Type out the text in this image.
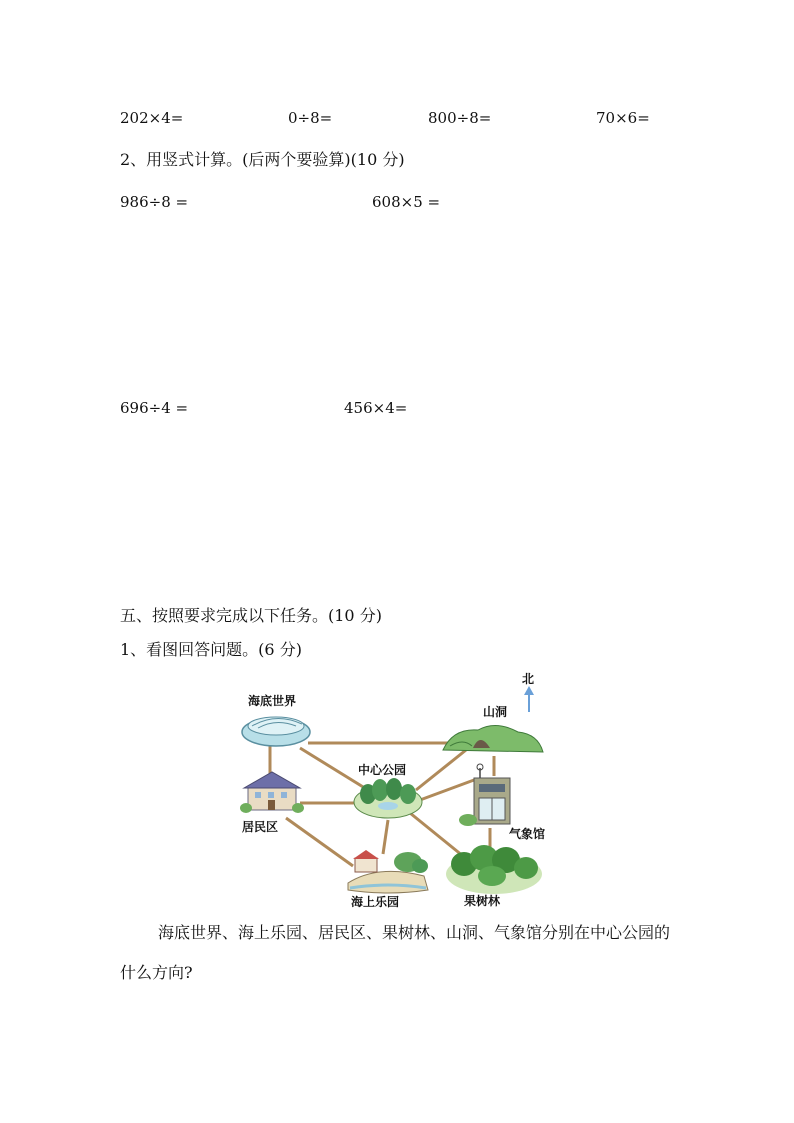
202×4=	0÷8=	800÷8=	70×6=
2、用竖式计算。(后两个要验算)(10 分)
986÷8 =	608×5 =
696÷4 =	456×4=
五、按照要求完成以下任务。(10 分)
1、看图回答问题。(6 分)
北
海底世界
山洞
居民区
中心公园
气象馆
海上乐园	果树林
海底世界、海上乐园、居民区、果树林、山洞、气象馆分别在中心公园的什么方向?
